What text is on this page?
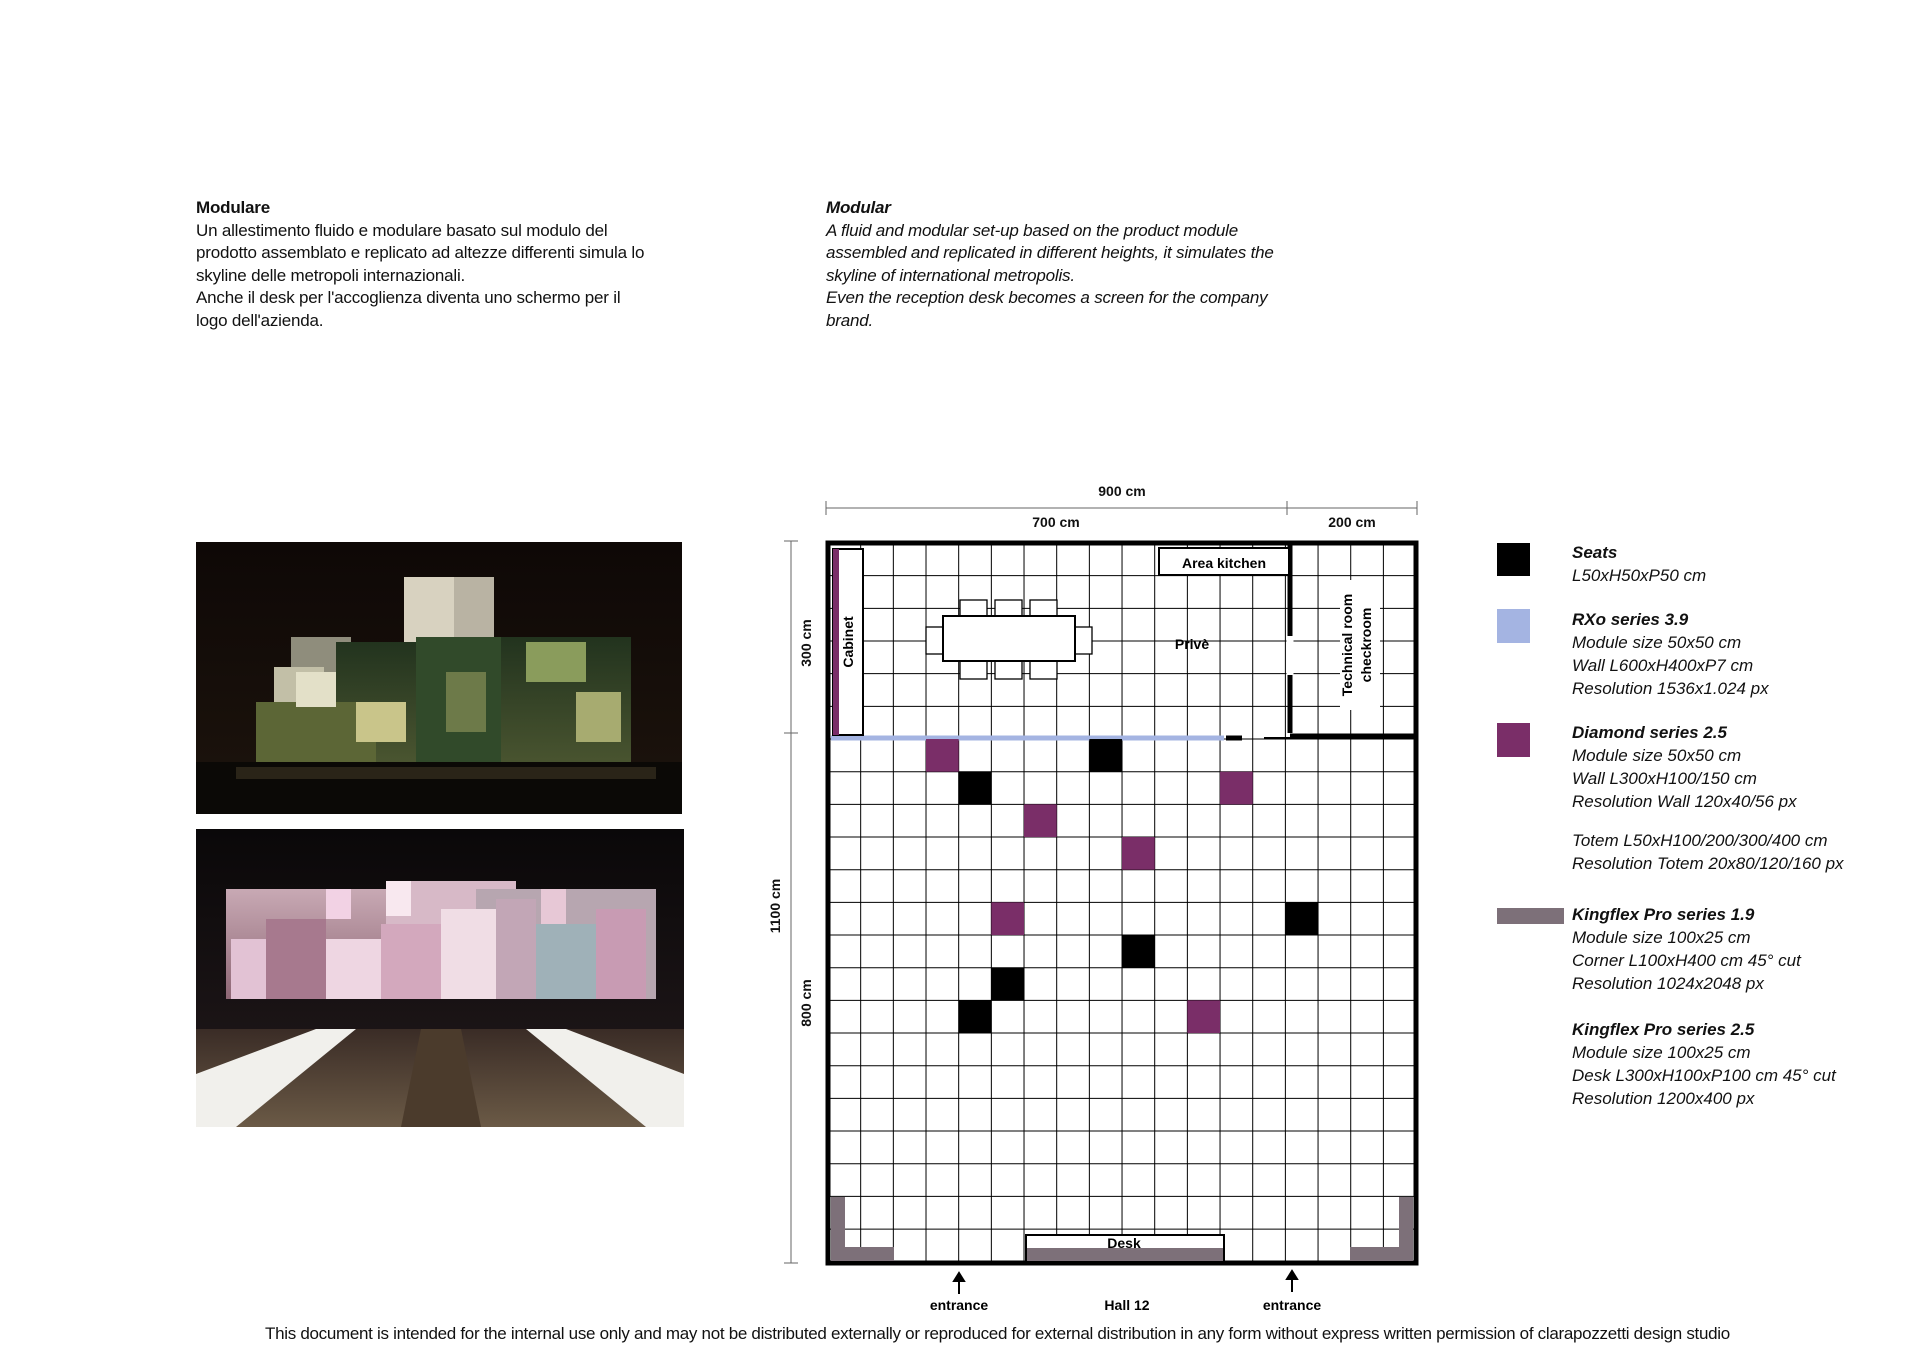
Modulare

Un allestimento fluido e modulare basato sul modulo del

prodotto assemblato e replicato ad altezze differenti simula lo

skyline delle metropoli internazionali.

Anche il desk per l'accoglienza diventa uno schermo per il

logo dell'azienda.

Modular

A fluid and modular set-up based on the product module

assembled and replicated in different heights, it simulates the

skyline of international metropolis.

Even the reception desk becomes a screen for the company

brand.

900 cm
700 cm	200 cm
300 cm
1100 cm
800 cm
Cabinet
Area kitchen
Privè	Technical room checkroom
Desk
entrance	Hall 12	entrance
Seats
L50xH50xP50 cm
RXo series 3.9
Module size 50x50 cm
Wall L600xH400xP7 cm
Resolution 1536x1.024 px
Diamond series 2.5
Module size 50x50 cm
Wall L300xH100/150 cm
Resolution Wall 120x40/56 px
Totem L50xH100/200/300/400 cm
Resolution Totem 20x80/120/160 px
Kingflex Pro series 1.9
Module size 100x25 cm
Corner L100xH400 cm 45° cut
Resolution 1024x2048 px
Kingflex Pro series 2.5
Module size 100x25 cm
Desk L300xH100xP100 cm 45° cut
Resolution 1200x400 px
This document is intended for the internal use only and may not be distributed externally or reproduced for external distribution in any form without express written permission of clarapozzetti design studio
